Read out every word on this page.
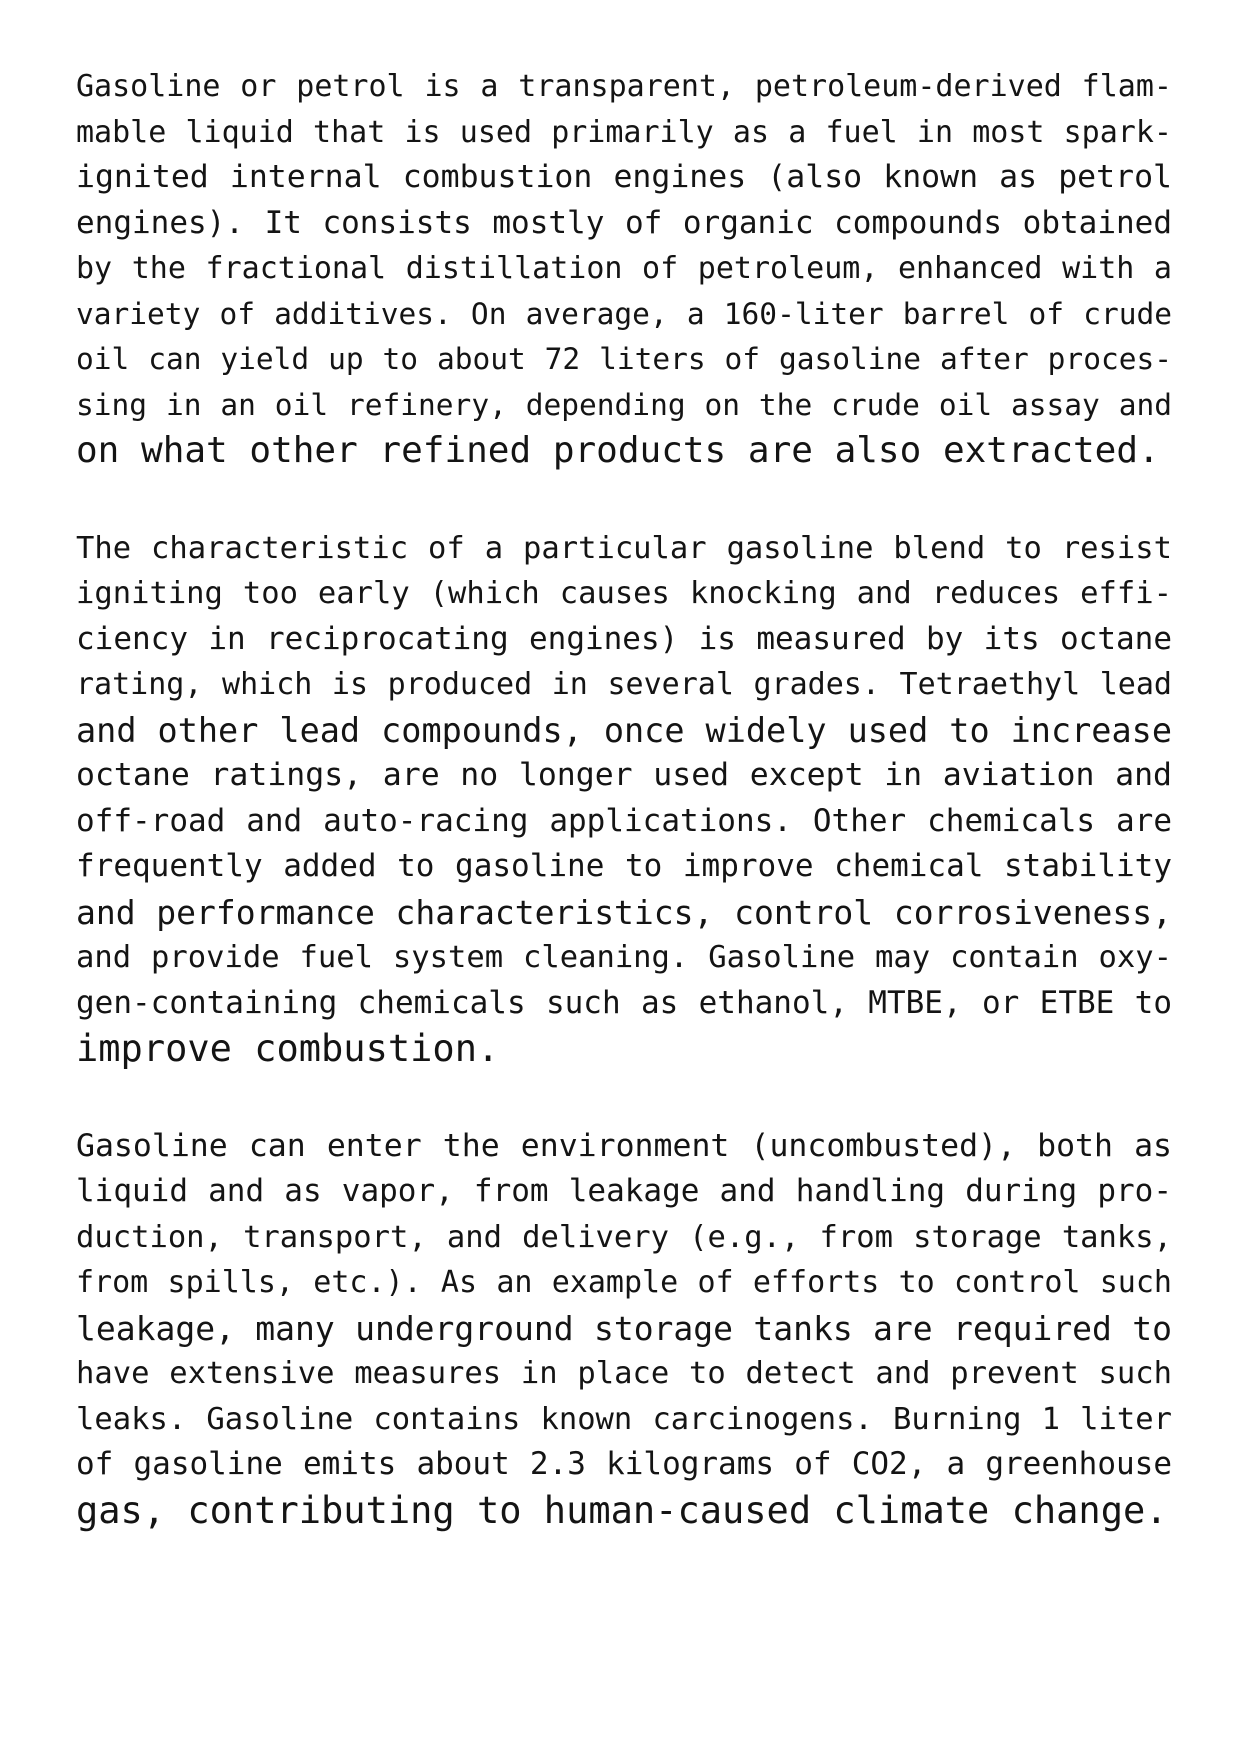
Gasoline or petrol is a transparent, petroleum-derived flam-
mable liquid that is used primarily as a fuel in most spark-
ignited internal combustion engines (also known as petrol
engines). It consists mostly of organic compounds obtained
by the fractional distillation of petroleum, enhanced with a
variety of additives. On average, a 160-liter barrel of crude
oil can yield up to about 72 liters of gasoline after proces-
sing in an oil refinery, depending on the crude oil assay and
on what other refined products are also extracted.
The characteristic of a particular gasoline blend to resist
igniting too early (which causes knocking and reduces effi-
ciency in reciprocating engines) is measured by its octane
rating, which is produced in several grades. Tetraethyl lead
and other lead compounds, once widely used to increase
octane ratings, are no longer used except in aviation and
off-road and auto-racing applications. Other chemicals are
frequently added to gasoline to improve chemical stability
and performance characteristics, control corrosiveness,
and provide fuel system cleaning. Gasoline may contain oxy-
gen-containing chemicals such as ethanol, MTBE, or ETBE to
improve combustion.
Gasoline can enter the environment (uncombusted), both as
liquid and as vapor, from leakage and handling during pro-
duction, transport, and delivery (e.g., from storage tanks,
from spills, etc.). As an example of efforts to control such
leakage, many underground storage tanks are required to
have extensive measures in place to detect and prevent such
leaks. Gasoline contains known carcinogens. Burning 1 liter
of gasoline emits about 2.3 kilograms of CO2, a greenhouse
gas, contributing to human-caused climate change.
